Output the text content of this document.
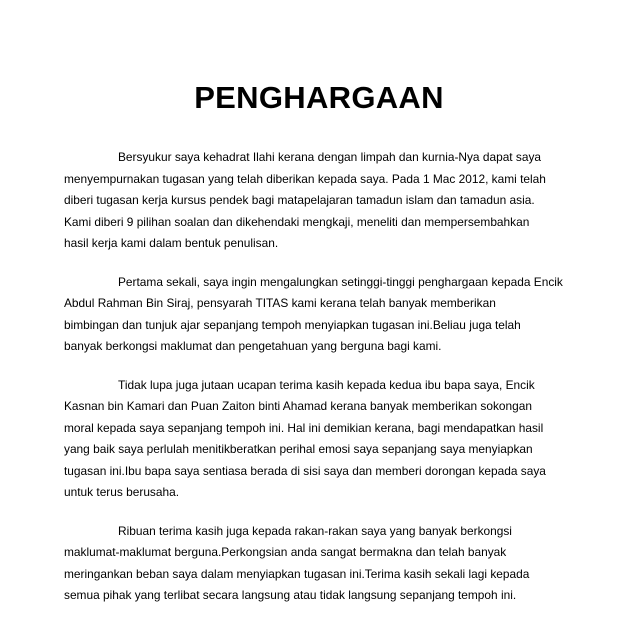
PENGHARGAAN
Bersyukur saya kehadrat Ilahi kerana dengan limpah dan kurnia-Nya dapat saya
menyempurnakan tugasan yang telah diberikan kepada saya. Pada 1 Mac 2012, kami telah
diberi tugasan kerja kursus pendek bagi matapelajaran tamadun islam dan tamadun asia.
Kami diberi 9 pilihan soalan dan dikehendaki mengkaji, meneliti dan mempersembahkan
hasil kerja kami dalam bentuk penulisan.
Pertama sekali, saya ingin mengalungkan setinggi-tinggi penghargaan kepada Encik
Abdul Rahman Bin Siraj, pensyarah TITAS kami kerana telah banyak memberikan
bimbingan dan tunjuk ajar sepanjang tempoh menyiapkan tugasan ini.Beliau juga telah
banyak berkongsi maklumat dan pengetahuan yang berguna bagi kami.
Tidak lupa juga jutaan ucapan terima kasih kepada kedua ibu bapa saya, Encik
Kasnan bin Kamari dan Puan Zaiton binti Ahamad kerana banyak memberikan sokongan
moral kepada saya sepanjang tempoh ini. Hal ini demikian kerana, bagi mendapatkan hasil
yang baik saya perlulah menitikberatkan perihal emosi saya sepanjang saya menyiapkan
tugasan ini.Ibu bapa saya sentiasa berada di sisi saya dan memberi dorongan kepada saya
untuk terus berusaha.
Ribuan terima kasih juga kepada rakan-rakan saya yang banyak berkongsi
maklumat-maklumat berguna.Perkongsian anda sangat bermakna dan telah banyak
meringankan beban saya dalam menyiapkan tugasan ini.Terima kasih sekali lagi kepada
semua pihak yang terlibat secara langsung atau tidak langsung sepanjang tempoh ini.
